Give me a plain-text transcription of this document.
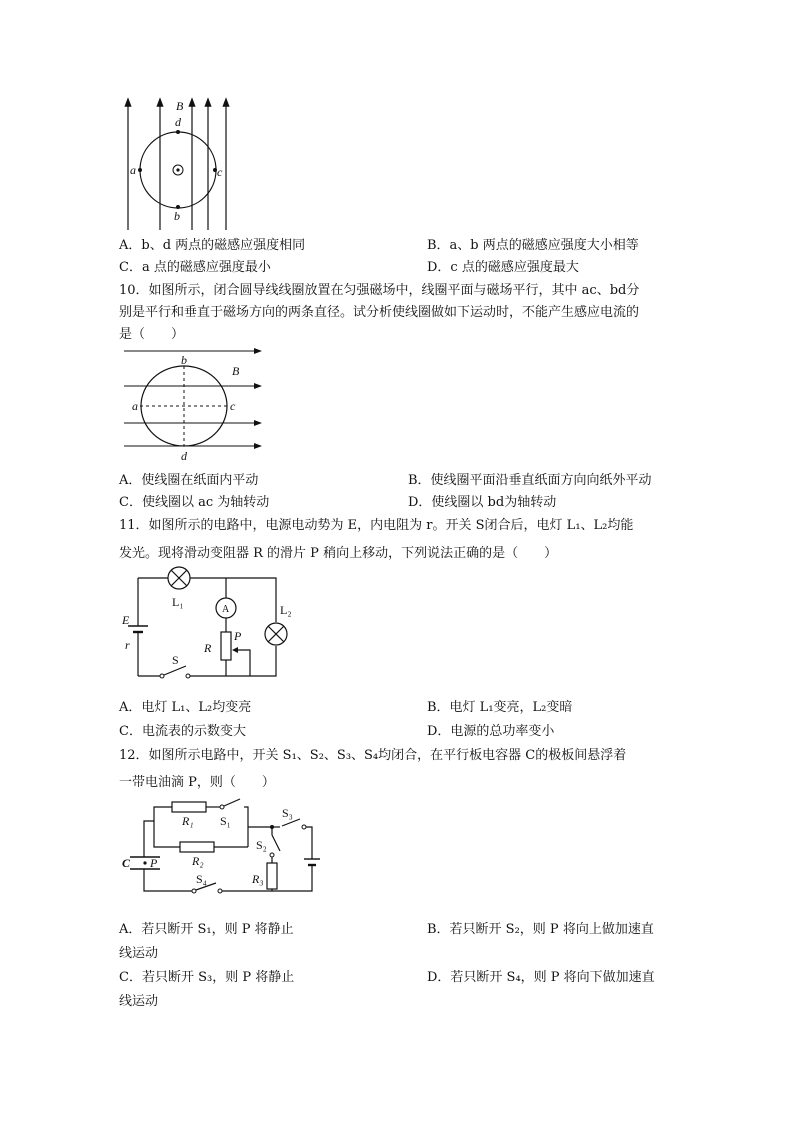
B
d
a	c
b
A．b、d 两点的磁感应强度相同	B．a、b 两点的磁感应强度大小相等
C．a 点的磁感应强度最小	D．c 点的磁感应强度最大
10．如图所示，闭合圆导线线圈放置在匀强磁场中，线圈平面与磁场平行，其中 ac、bd分
别是平行和垂直于磁场方向的两条直径。试分析使线圈做如下运动时，不能产生感应电流的
是（　　）
b
B
a	c
d
A．使线圈在纸面内平动	B．使线圈平面沿垂直纸面方向向纸外平动
C．使线圈以 ac 为轴转动	D．使线圈以 bd为轴转动
11．如图所示的电路中，电源电动势为 E，内电阻为 r。开关 S闭合后，电灯 L₁、L₂均能
发光。现将滑动变阻器 R 的滑片 P 稍向上移动，下列说法正确的是（　　）
E
r
L₁
L₂
A
R
P
S
A．电灯 L₁、L₂均变亮	B．电灯 L₁变亮，L₂变暗
C．电流表的示数变大	D．电源的总功率变小
12．如图所示电路中，开关 S₁、S₂、S₃、S₄均闭合，在平行板电容器 C的极板间悬浮着
一带电油滴 P，则（　　）
R₁ S₁
R₂
S₃
S₂
R₃
S₄
C P
A．若只断开 S₁，则 P 将静止	B．若只断开 S₂，则 P 将向上做加速直
线运动
C．若只断开 S₃，则 P 将静止	D．若只断开 S₄，则 P 将向下做加速直
线运动
